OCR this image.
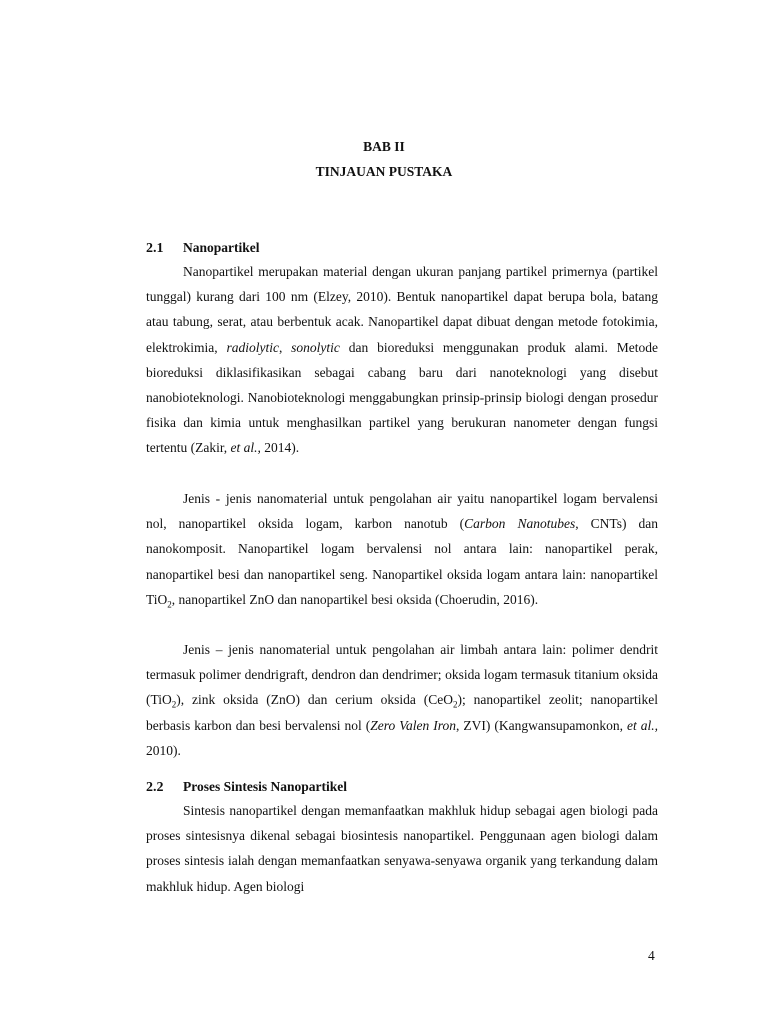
BAB II
TINJAUAN PUSTAKA
2.1 Nanopartikel

Nanopartikel merupakan material dengan ukuran panjang partikel primernya (partikel tunggal) kurang dari 100 nm (Elzey, 2010). Bentuk nanopartikel dapat berupa bola, batang atau tabung, serat, atau berbentuk acak. Nanopartikel dapat dibuat dengan metode fotokimia, elektrokimia, radiolytic, sonolytic dan bioreduksi menggunakan produk alami. Metode bioreduksi diklasifikasikan sebagai cabang baru dari nanoteknologi yang disebut nanobioteknologi. Nanobioteknologi menggabungkan prinsip-prinsip biologi dengan prosedur fisika dan kimia untuk menghasilkan partikel yang berukuran nanometer dengan fungsi tertentu (Zakir, et al., 2014).

Jenis - jenis nanomaterial untuk pengolahan air yaitu nanopartikel logam bervalensi nol, nanopartikel oksida logam, karbon nanotub (Carbon Nanotubes, CNTs) dan nanokomposit. Nanopartikel logam bervalensi nol antara lain: nanopartikel perak, nanopartikel besi dan nanopartikel seng. Nanopartikel oksida logam antara lain: nanopartikel TiO$_2$, nanopartikel ZnO dan nanopartikel besi oksida (Choerudin, 2016).

Jenis – jenis nanomaterial untuk pengolahan air limbah antara lain: polimer dendrit termasuk polimer dendrigraft, dendron dan dendrimer; oksida logam termasuk titanium oksida (TiO$_2$), zink oksida (ZnO) dan cerium oksida (CeO$_2$); nanopartikel zeolit; nanopartikel berbasis karbon dan besi bervalensi nol (Zero Valen Iron, ZVI) (Kangwansupamonkon, et al., 2010).

2.2 Proses Sintesis Nanopartikel

Sintesis nanopartikel dengan memanfaatkan makhluk hidup sebagai agen biologi pada proses sintesisnya dikenal sebagai biosintesis nanopartikel. Penggunaan agen biologi dalam proses sintesis ialah dengan memanfaatkan senyawa-senyawa organik yang terkandung dalam makhluk hidup. Agen biologi

4
